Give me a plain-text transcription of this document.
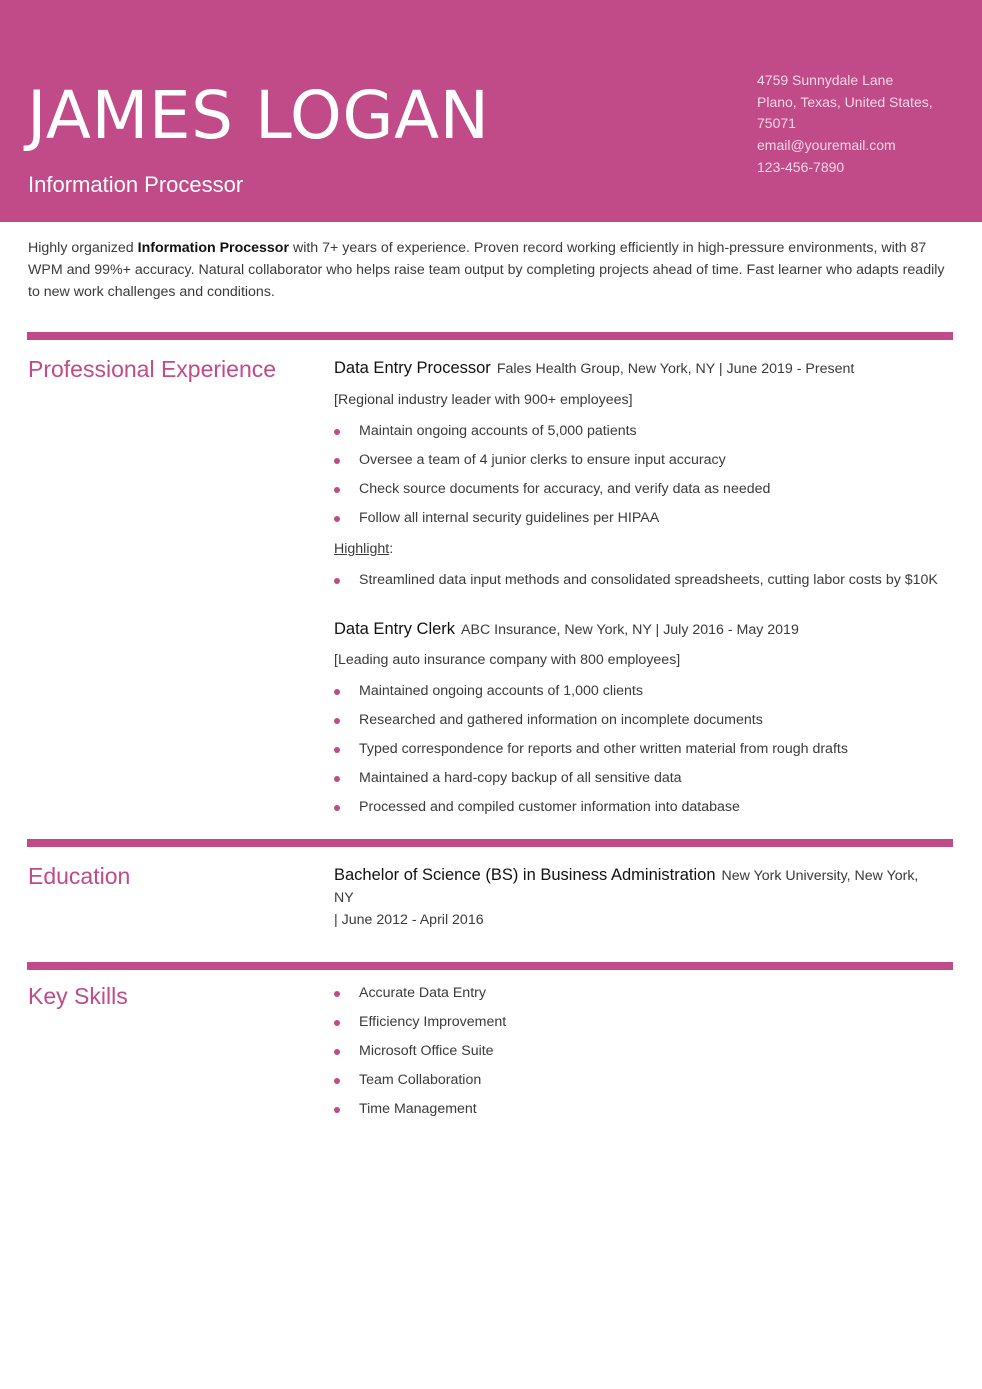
JAMES LOGAN
Information Processor
4759 Sunnydale Lane
Plano, Texas, United States,
75071
email@youremail.com
123-456-7890
Highly organized Information Processor with 7+ years of experience. Proven record working efficiently in high-pressure environments, with 87 WPM and 99%+ accuracy. Natural collaborator who helps raise team output by completing projects ahead of time. Fast learner who adapts readily to new work challenges and conditions.
Professional Experience	Data Entry Processor Fales Health Group, New York, NY | June 2019 - Present
[Regional industry leader with 900+ employees]
Maintain ongoing accounts of 5,000 patients
Oversee a team of 4 junior clerks to ensure input accuracy
Check source documents for accuracy, and verify data as needed
Follow all internal security guidelines per HIPAA
Highlight:
Streamlined data input methods and consolidated spreadsheets, cutting labor costs by $10K
Data Entry Clerk ABC Insurance, New York, NY | July 2016 - May 2019
[Leading auto insurance company with 800 employees]
Maintained ongoing accounts of 1,000 clients
Researched and gathered information on incomplete documents
Typed correspondence for reports and other written material from rough drafts
Maintained a hard-copy backup of all sensitive data
Processed and compiled customer information into database
Education	Bachelor of Science (BS) in Business Administration New York University, New York, NY
| June 2012 - April 2016
Key Skills	Accurate Data Entry
Efficiency Improvement
Microsoft Office Suite
Team Collaboration
Time Management
